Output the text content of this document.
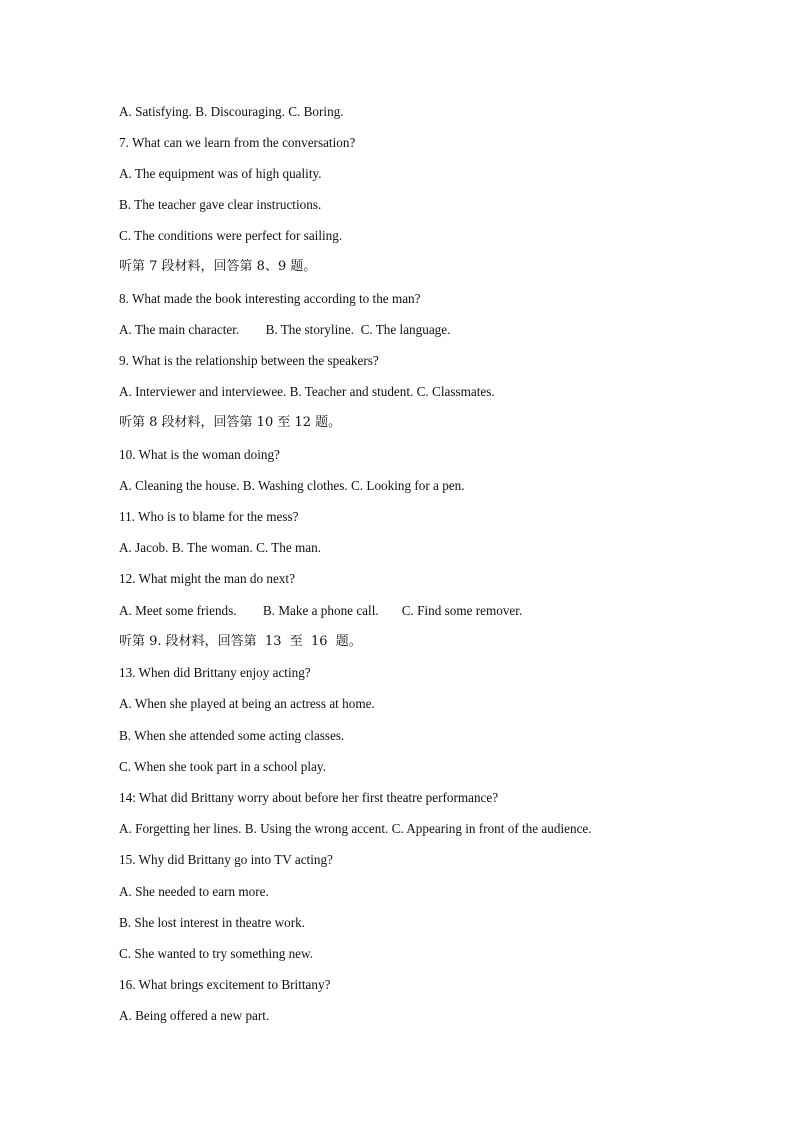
A. Satisfying. B. Discouraging. C. Boring.
7. What can we learn from the conversation?
A. The equipment was of high quality.
B. The teacher gave clear instructions.
C. The conditions were perfect for sailing.
听第 7 段材料，回答第 8、9 题。
8. What made the book interesting according to the man?
A. The main character.        B. The storyline.  C. The language.
9. What is the relationship between the speakers?
A. Interviewer and interviewee. B. Teacher and student. C. Classmates.
听第 8 段材料，回答第 10 至 12 题。
10. What is the woman doing?
A. Cleaning the house. B. Washing clothes. C. Looking for a pen.
11. Who is to blame for the mess?
A. Jacob. B. The woman. C. The man.
12. What might the man do next?
A. Meet some friends.        B. Make a phone call.       C. Find some remover.
听第 9. 段材料，回答第  13  至  16  题。
13. When did Brittany enjoy acting?
A. When she played at being an actress at home.
B. When she attended some acting classes.
C. When she took part in a school play.
14: What did Brittany worry about before her first theatre performance?
A. Forgetting her lines. B. Using the wrong accent. C. Appearing in front of the audience.
15. Why did Brittany go into TV acting?
A. She needed to earn more.
B. She lost interest in theatre work.
C. She wanted to try something new.
16. What brings excitement to Brittany?
A. Being offered a new part.
